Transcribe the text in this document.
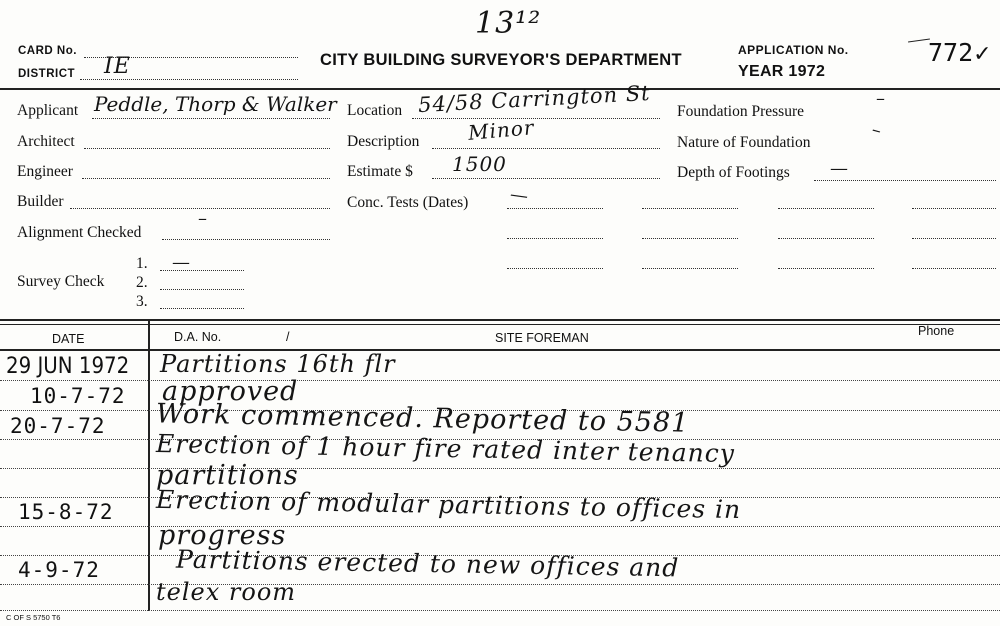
13¹²
CARD No.
DISTRICT IE	CITY BUILDING SURVEYOR'S DEPARTMENT
APPLICATION No.	772✓
YEAR 1972
Applicant Peddle, Thorp & Walker
Architect
Engineer
Builder
Alignment Checked
–
Survey Check
1. —
2.
3.
Location 54/58 Carrington St
Description Minor
Estimate $ 1500
Conc. Tests (Dates) —
Foundation Pressure
–
Nature of Foundation
–
Depth of Footings —
DATE	D.A. No.	/	SITE FOREMAN	Phone
29 JUN 1972 Partitions 16th flr
10-7-72 approved
20-7-72 Work commenced. Reported to 5581
Erection of 1 hour fire rated inter tenancy
partitions
15-8-72 Erection of modular partitions to offices in
progress
4-9-72	Partitions erected to new offices and
telex room
C OF S 5750 T6
